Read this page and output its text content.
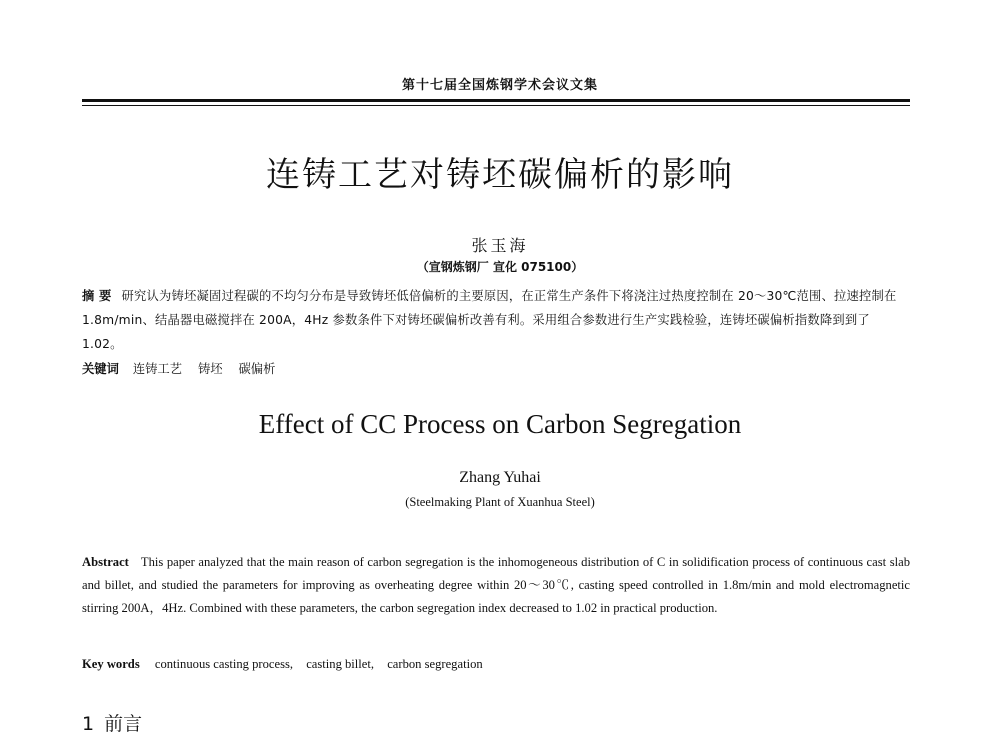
第十七届全国炼钢学术会议文集
连铸工艺对铸坯碳偏析的影响
张玉海
（宣钢炼钢厂 宣化 075100）
摘 要 研究认为铸坯凝固过程碳的不均匀分布是导致铸坯低倍偏析的主要原因，在正常生产条件下将浇注过热度控制在 20～30℃范围、拉速控制在 1.8m/min、结晶器电磁搅拌在 200A，4Hz 参数条件下对铸坯碳偏析改善有利。采用组合参数进行生产实践检验，连铸坯碳偏析指数降到到了 1.02。
关键词 连铸工艺 铸坯 碳偏析
Effect of CC Process on Carbon Segregation
Zhang Yuhai
(Steelmaking Plant of Xuanhua Steel)
Abstract This paper analyzed that the main reason of carbon segregation is the inhomogeneous distribution of C in solidification process of continuous cast slab and billet, and studied the parameters for improving as overheating degree within 20～30℃, casting speed controlled in 1.8m/min and mold electromagnetic stirring 200A，4Hz. Combined with these parameters, the carbon segregation index decreased to 1.02 in practical production.
Key words continuous casting process, casting billet, carbon segregation
1 前言
